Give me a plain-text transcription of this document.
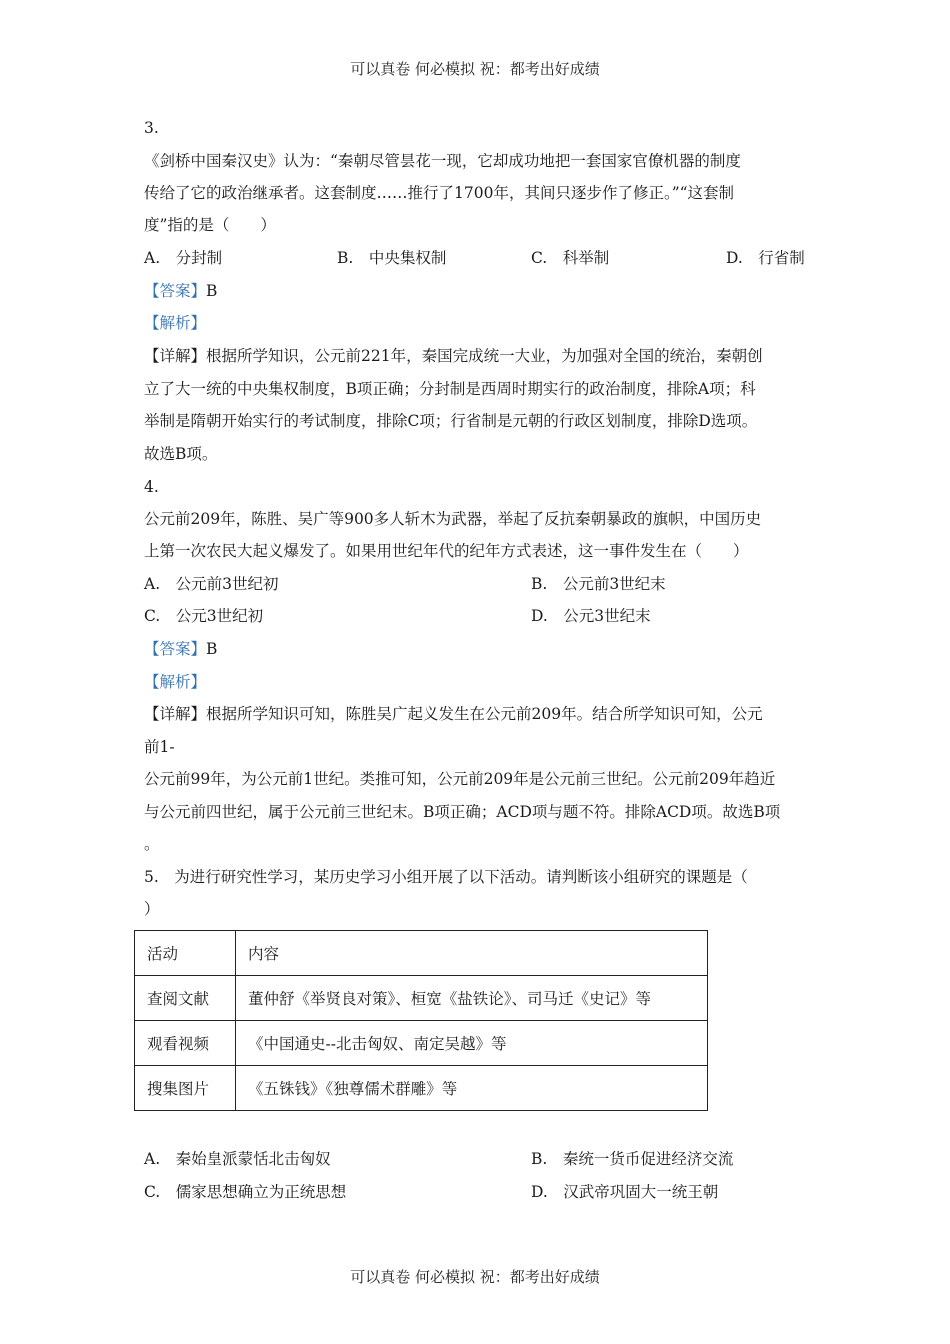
可以真卷 何必模拟 祝：都考出好成绩
3.
《剑桥中国秦汉史》认为：“秦朝尽管昙花一现，它却成功地把一套国家官僚机器的制度
传给了它的政治继承者。这套制度……推行了1700年，其间只逐步作了修正。”“这套制
度”指的是（　　）
A.　分封制	B.　中央集权制	C.　科举制	D.　行省制
【答案】B
【解析】
【详解】根据所学知识，公元前221年，秦国完成统一大业，为加强对全国的统治，秦朝创
立了大一统的中央集权制度，B项正确；分封制是西周时期实行的政治制度，排除A项；科
举制是隋朝开始实行的考试制度，排除C项；行省制是元朝的行政区划制度，排除D选项。
故选B项。
4.
公元前209年，陈胜、吴广等900多人斩木为武器，举起了反抗秦朝暴政的旗帜，中国历史
上第一次农民大起义爆发了。如果用世纪年代的纪年方式表述，这一事件发生在（　　）
A.　公元前3世纪初	B.　公元前3世纪末
C.　公元3世纪初	D.　公元3世纪末
【答案】B
【解析】
【详解】根据所学知识可知，陈胜吴广起义发生在公元前209年。结合所学知识可知，公元
前1-
公元前99年，为公元前1世纪。类推可知，公元前209年是公元前三世纪。公元前209年趋近
与公元前四世纪，属于公元前三世纪末。B项正确；ACD项与题不符。排除ACD项。故选B项
。
5.　为进行研究性学习，某历史学习小组开展了以下活动。请判断该小组研究的课题是（
）
活动	内容
查阅文献	董仲舒《举贤良对策》、桓宽《盐铁论》、司马迁《史记》等
观看视频	《中国通史--北击匈奴、南定吴越》等
搜集图片	《五铢钱》《独尊儒术群雕》等
A.　秦始皇派蒙恬北击匈奴	B.　秦统一货币促进经济交流
C.　儒家思想确立为正统思想	D.　汉武帝巩固大一统王朝
可以真卷 何必模拟 祝：都考出好成绩
